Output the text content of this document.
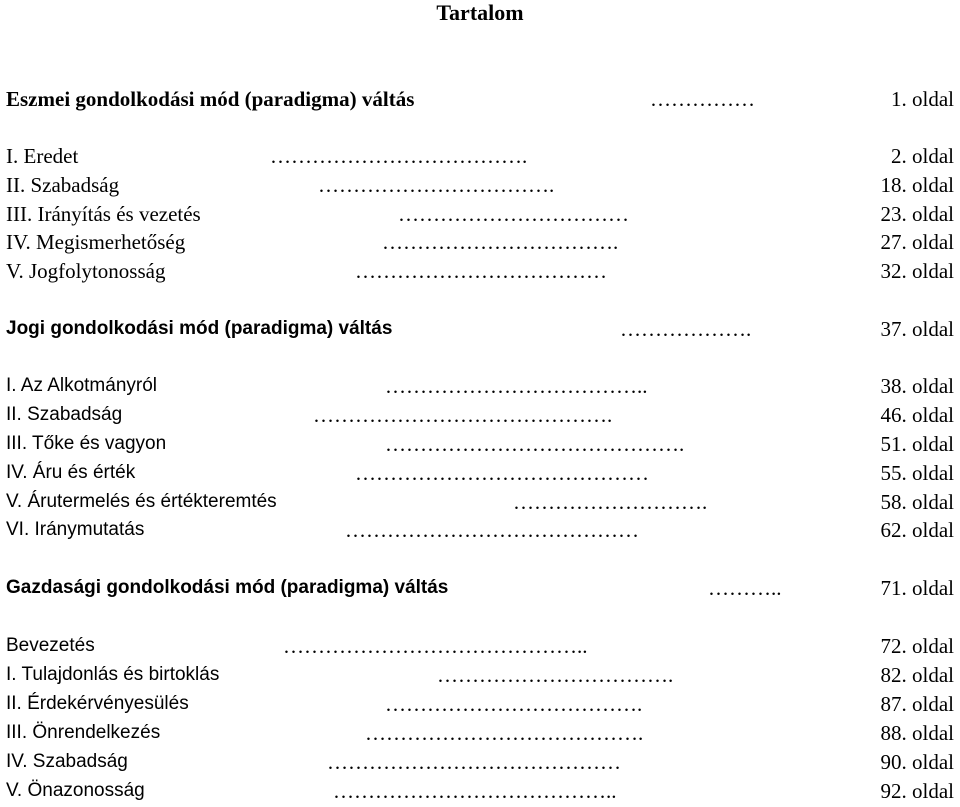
Tartalom
Eszmei gondolkodási mód (paradigma) váltás	……………	1. oldal
I. Eredet	……………………………….	2. oldal
II. Szabadság	…………………………….	18. oldal
III. Irányítás és vezetés	……………………………	23. oldal
IV. Megismerhetőség	…………………………….	27. oldal
V. Jogfolytonosság	………………………………	32. oldal
Jogi gondolkodási mód (paradigma) váltás	……………….	37. oldal
I. Az Alkotmányról	………………………………..	38. oldal
II. Szabadság	…………………………………….	46. oldal
III. Tőke és vagyon	…………………………………….	51. oldal
IV. Áru és érték	……………………………………	55. oldal
V. Árutermelés és értékteremtés	……………………….	58. oldal
VI. Iránymutatás	……………………………………	62. oldal
Gazdasági gondolkodási mód (paradigma) váltás	………..	71. oldal
Bevezetés	……………………………………..	72. oldal
I. Tulajdonlás és birtoklás	…………………………….	82. oldal
II. Érdekérvényesülés	……………………………….	87. oldal
III. Önrendelkezés	………………………………….	88. oldal
IV. Szabadság	……………………………………	90. oldal
V. Önazonosság	…………………………………..	92. oldal
